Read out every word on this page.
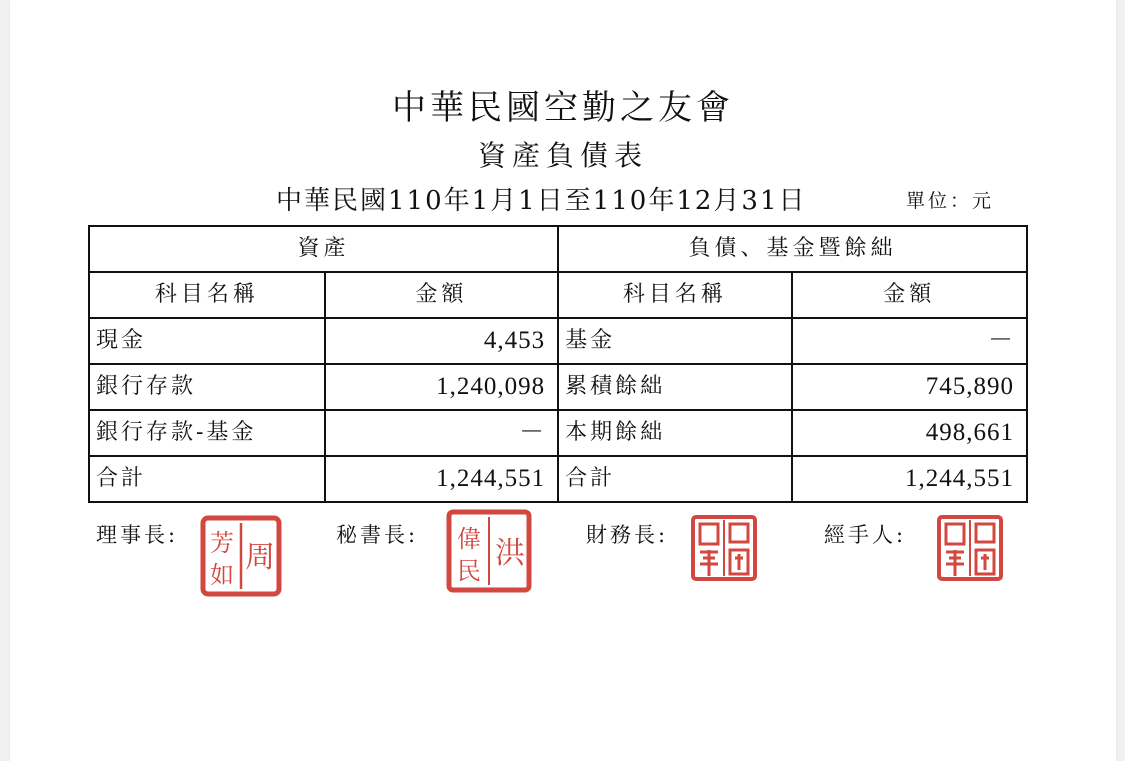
中華民國空勤之友會
資產負債表
中華民國110年1月1日至110年12月31日	單位：元
資產		負債、基金暨餘絀	
科目名稱	金額	科目名稱	金額
現金	4,453	基金	－
銀行存款	1,240,098	累積餘絀	745,890
銀行存款-基金	－	本期餘絀	498,661
合計	1,244,551	合計	1,244,551
理事長:	秘書長:	財務長:	經手人:
芳
如 周
偉
民 洪
